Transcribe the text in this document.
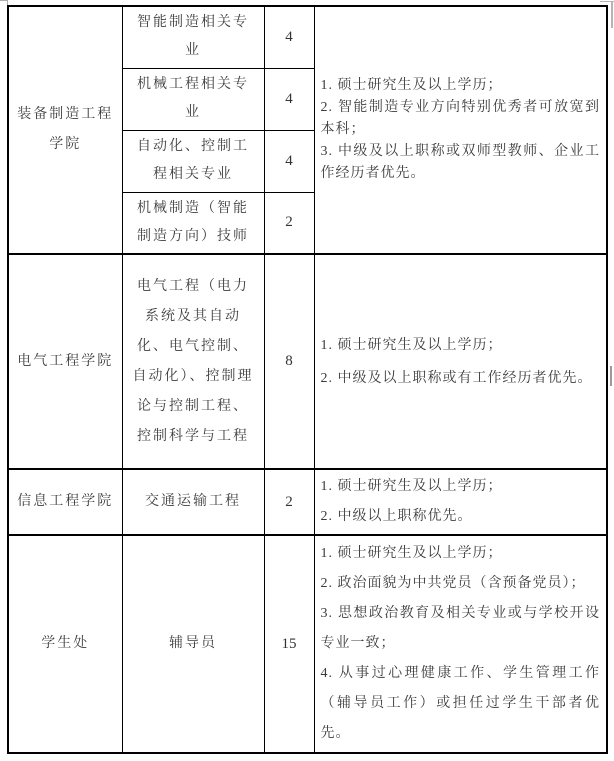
装备制造工程学院	智能制造相关专业	4	1. 硕士研究生及以上学历；
2. 智能制造专业方向特别优秀者可放宽到本科；
3. 中级及以上职称或双师型教师、企业工作经历者优先。

	机械工程相关专业	4	
	自动化、控制工程相关专业	4	
	机械制造（智能制造方向）技师	2	
电气工程学院	电气工程（电力系统及其自动化、电气控制、自动化）、控制理论与控制工程、控制科学与工程	8	1. 硕士研究生及以上学历；
2. 中级及以上职称或有工作经历者优先。

信息工程学院	交通运输工程	2	1. 硕士研究生及以上学历；
2. 中级以上职称优先。

学生处	辅导员	15	1. 硕士研究生及以上学历；
2. 政治面貌为中共党员（含预备党员）；
3. 思想政治教育及相关专业或与学校开设专业一致；
4. 从事过心理健康工作、学生管理工作（辅导员工作）或担任过学生干部者优先。
